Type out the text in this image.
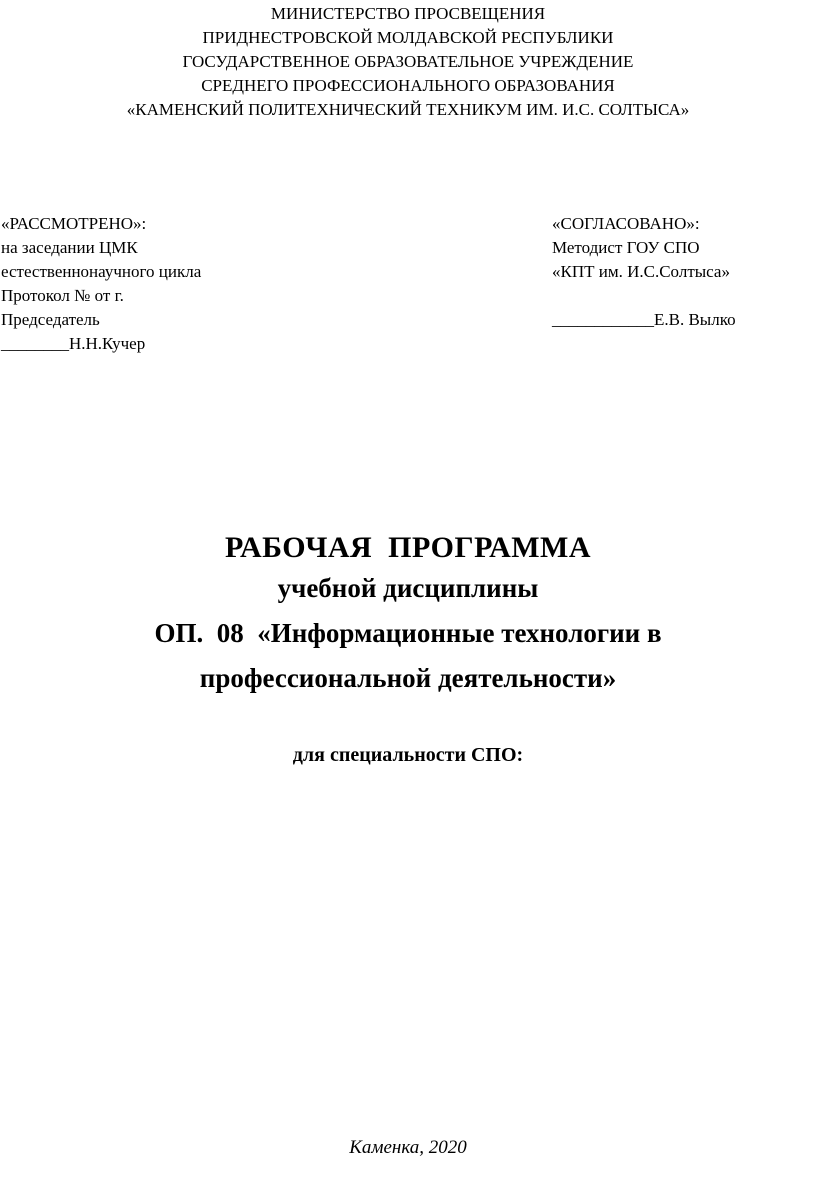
МИНИСТЕРСТВО ПРОСВЕЩЕНИЯ
ПРИДНЕСТРОВСКОЙ МОЛДАВСКОЙ РЕСПУБЛИКИ
ГОСУДАРСТВЕННОЕ ОБРАЗОВАТЕЛЬНОЕ УЧРЕЖДЕНИЕ
СРЕДНЕГО ПРОФЕССИОНАЛЬНОГО ОБРАЗОВАНИЯ
«КАМЕНСКИЙ ПОЛИТЕХНИЧЕСКИЙ ТЕХНИКУМ ИМ. И.С. СОЛТЫСА»
«РАССМОТРЕНО»:
на заседании ЦМК
естественнонаучного цикла
Протокол № от г.
Председатель
________Н.Н.Кучер
«СОГЛАСОВАНО»:
Методист ГОУ СПО
«КПТ им. И.С.Солтыса»
____________Е.В. Вылко
РАБОЧАЯ  ПРОГРАММА
учебной дисциплины
ОП.  08  «Информационные технологии в
профессиональной деятельности»
для специальности СПО:
Каменка, 2020
